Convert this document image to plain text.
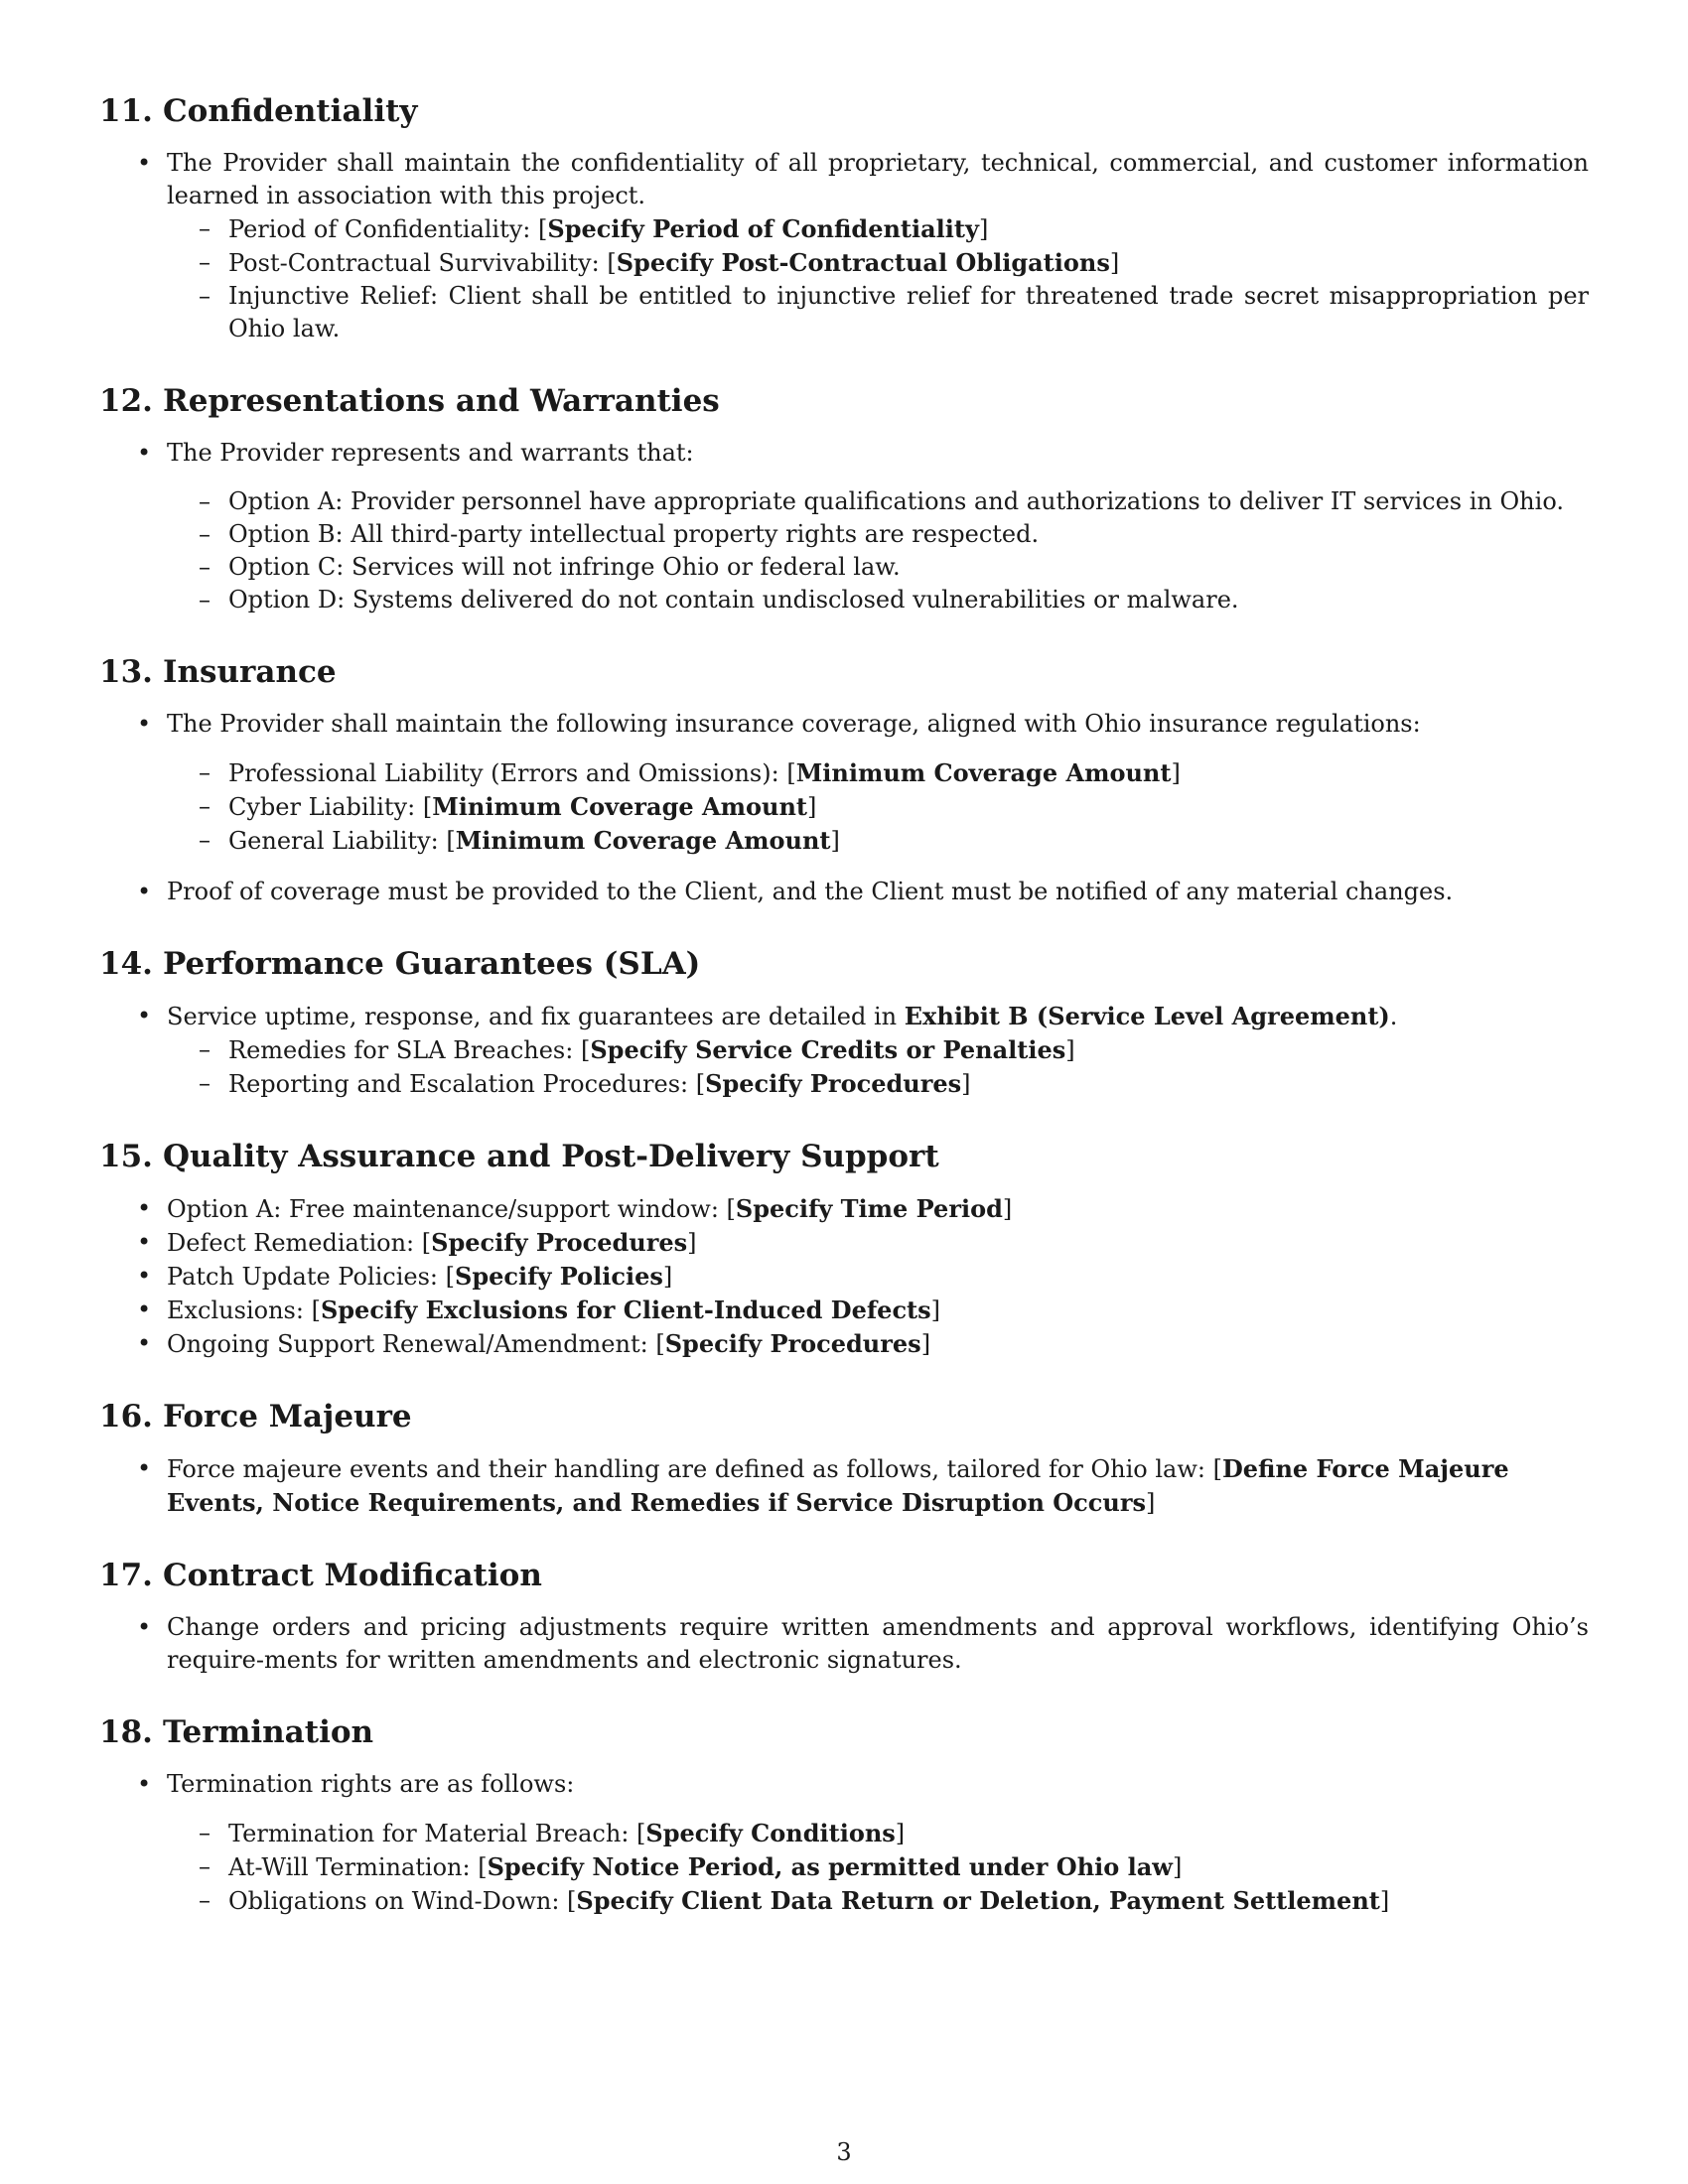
11. Confidentiality
• The Provider shall maintain the confidentiality of all proprietary, technical, commercial, and customer information learned in association with this project.
– Period of Confidentiality: [Specify Period of Confidentiality]
– Post-Contractual Survivability: [Specify Post-Contractual Obligations]
– Injunctive Relief: Client shall be entitled to injunctive relief for threatened trade secret misappropriation per Ohio law.
12. Representations and Warranties
• The Provider represents and warrants that:
– Option A: Provider personnel have appropriate qualifications and authorizations to deliver IT services in Ohio.
– Option B: All third-party intellectual property rights are respected.
– Option C: Services will not infringe Ohio or federal law.
– Option D: Systems delivered do not contain undisclosed vulnerabilities or malware.
13. Insurance
• The Provider shall maintain the following insurance coverage, aligned with Ohio insurance regulations:
– Professional Liability (Errors and Omissions): [Minimum Coverage Amount]
– Cyber Liability: [Minimum Coverage Amount]
– General Liability: [Minimum Coverage Amount]
• Proof of coverage must be provided to the Client, and the Client must be notified of any material changes.
14. Performance Guarantees (SLA)
• Service uptime, response, and fix guarantees are detailed in Exhibit B (Service Level Agreement).
– Remedies for SLA Breaches: [Specify Service Credits or Penalties]
– Reporting and Escalation Procedures: [Specify Procedures]
15. Quality Assurance and Post-Delivery Support
• Option A: Free maintenance/support window: [Specify Time Period]
• Defect Remediation: [Specify Procedures]
• Patch Update Policies: [Specify Policies]
• Exclusions: [Specify Exclusions for Client-Induced Defects]
• Ongoing Support Renewal/Amendment: [Specify Procedures]
16. Force Majeure
• Force majeure events and their handling are defined as follows, tailored for Ohio law: [Define Force Majeure Events, Notice Requirements, and Remedies if Service Disruption Occurs]
17. Contract Modification
• Change orders and pricing adjustments require written amendments and approval workflows, identifying Ohio’s require-ments for written amendments and electronic signatures.
18. Termination
• Termination rights are as follows:
– Termination for Material Breach: [Specify Conditions]
– At-Will Termination: [Specify Notice Period, as permitted under Ohio law]
– Obligations on Wind-Down: [Specify Client Data Return or Deletion, Payment Settlement]
3
